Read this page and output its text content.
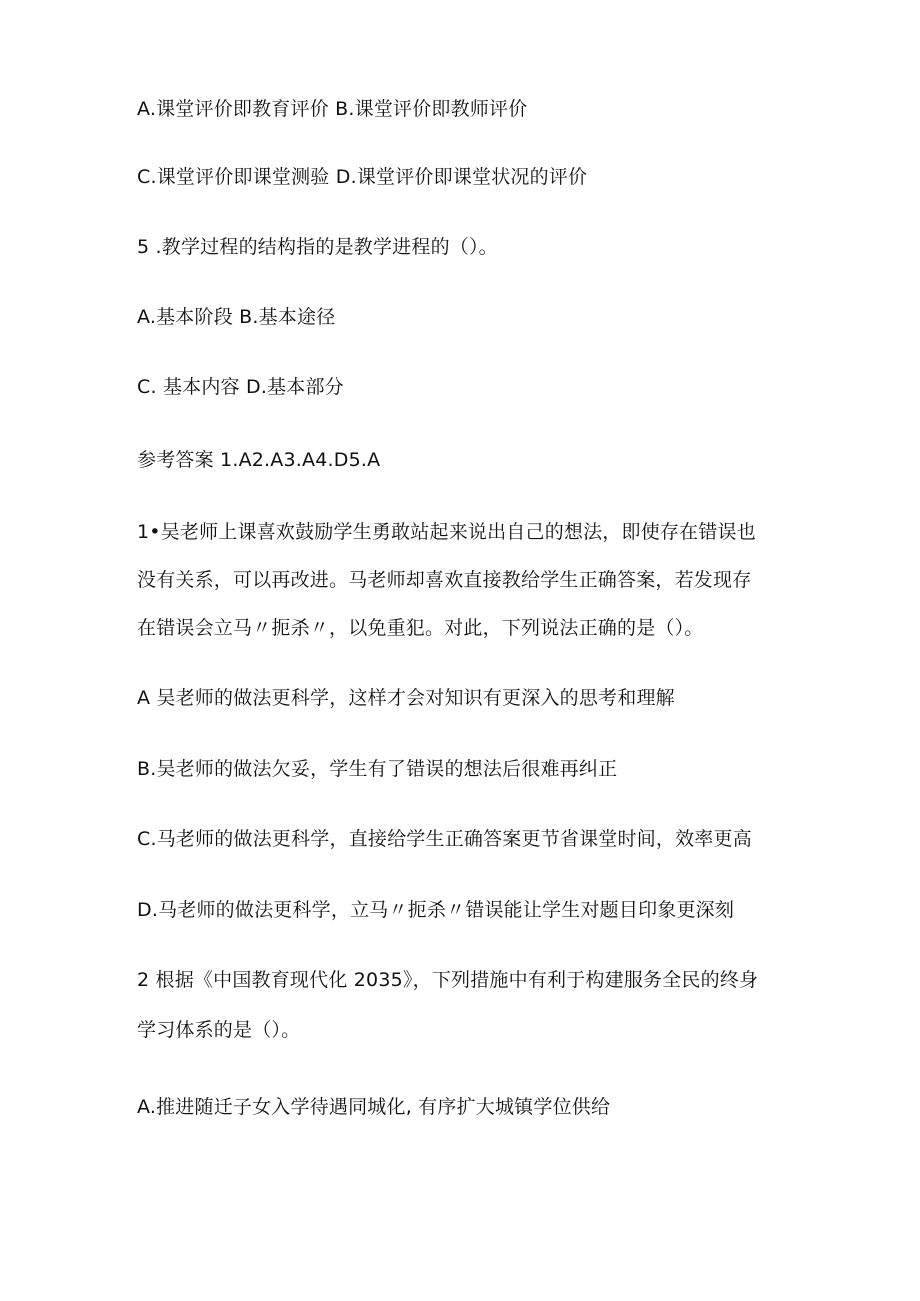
A.课堂评价即教育评价 B.课堂评价即教师评价
C.课堂评价即课堂测验 D.课堂评价即课堂状况的评价
5 .教学过程的结构指的是教学进程的（）。
A.基本阶段 B.基本途径
C. 基本内容 D.基本部分
参考答案 1.A2.A3.A4.D5.A
1•吴老师上课喜欢鼓励学生勇敢站起来说出自己的想法，即使存在错误也
没有关系，可以再改进。马老师却喜欢直接教给学生正确答案，若发现存
在错误会立马〃扼杀〃，以免重犯。对此，下列说法正确的是（）。
A 吴老师的做法更科学，这样才会对知识有更深入的思考和理解
B.吴老师的做法欠妥，学生有了错误的想法后很难再纠正
C.马老师的做法更科学，直接给学生正确答案更节省课堂时间，效率更高
D.马老师的做法更科学，立马〃扼杀〃错误能让学生对题目印象更深刻
2 根据《中国教育现代化 2035》，下列措施中有利于构建服务全民的终身
学习体系的是（）。
A.推进随迁子女入学待遇同城化, 有序扩大城镇学位供给
